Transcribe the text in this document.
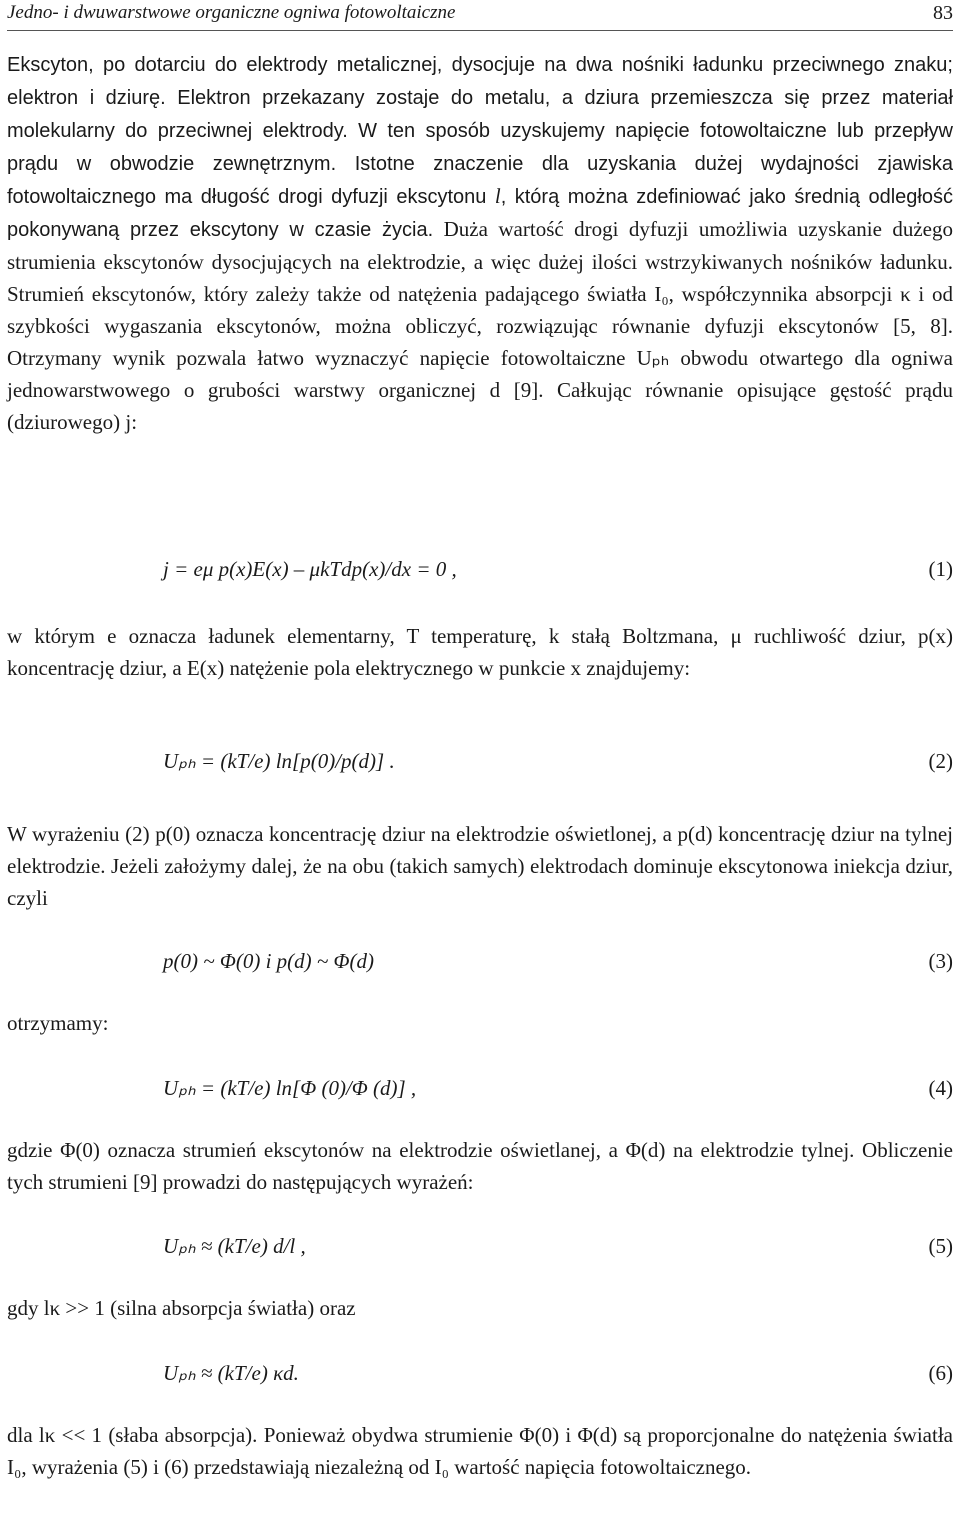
Jedno- i dwuwarstwowe organiczne ogniwa fotowoltaiczne	83

Ekscyton, po dotarciu do elektrody metalicznej, dysocjuje na dwa nośniki ładunku przeciwnego znaku; elektron i dziurę. Elektron przekazany zostaje do metalu, a dziura przemieszcza się przez materiał molekularny do przeciwnej elektrody. W ten sposób uzyskujemy napięcie fotowoltaiczne lub przepływ prądu w obwodzie zewnętrznym. Istotne znaczenie dla uzyskania dużej wydajności zjawiska fotowoltaicznego ma długość drogi dyfuzji ekscytonu l, którą można zdefiniować jako średnią odległość pokonywaną przez ekscytony w czasie życia. Duża wartość drogi dyfuzji umożliwia uzyskanie dużego strumienia ekscytonów dysocjujących na elektrodzie, a więc dużej ilości wstrzykiwanych nośników ładunku. Strumień ekscytonów, który zależy także od natężenia padającego światła I₀, współczynnika absorpcji κ i od szybkości wygaszania ekscytonów, można obliczyć, rozwiązując równanie dyfuzji ekscytonów [5, 8]. Otrzymany wynik pozwala łatwo wyznaczyć napięcie fotowoltaiczne Uₚₕ obwodu otwartego dla ogniwa jednowarstwowego o grubości warstwy organicznej d [9]. Całkując równanie opisujące gęstość prądu (dziurowego) j:

j = eμ p(x)E(x) – μkTdp(x)/dx = 0 ,	(1)

w którym e oznacza ładunek elementarny, T temperaturę, k stałą Boltzmana, μ ruchliwość dziur, p(x) koncentrację dziur, a E(x) natężenie pola elektrycznego w punkcie x znajdujemy:

Uₚₕ = (kT/e) ln[p(0)/p(d)] .	(2)

W wyrażeniu (2) p(0) oznacza koncentrację dziur na elektrodzie oświetlonej, a p(d) koncentrację dziur na tylnej elektrodzie. Jeżeli założymy dalej, że na obu (takich samych) elektrodach dominuje ekscytonowa iniekcja dziur, czyli

p(0) ~ Φ(0) i p(d) ~ Φ(d)	(3)
otrzymamy:
Uₚₕ = (kT/e) ln[Φ (0)/Φ (d)] ,	(4)

gdzie Φ(0) oznacza strumień ekscytonów na elektrodzie oświetlanej, a Φ(d) na elektrodzie tylnej. Obliczenie tych strumieni [9] prowadzi do następujących wyrażeń:

Uₚₕ ≈ (kT/e) d/l ,	(5)

gdy lκ >> 1 (silna absorpcja światła) oraz

Uₚₕ ≈ (kT/e) κd.	(6)

dla lκ << 1 (słaba absorpcja). Ponieważ obydwa strumienie Φ(0) i Φ(d) są proporcjonalne do natężenia światła I₀, wyrażenia (5) i (6) przedstawiają niezależną od I₀ wartość napięcia fotowoltaicznego.
